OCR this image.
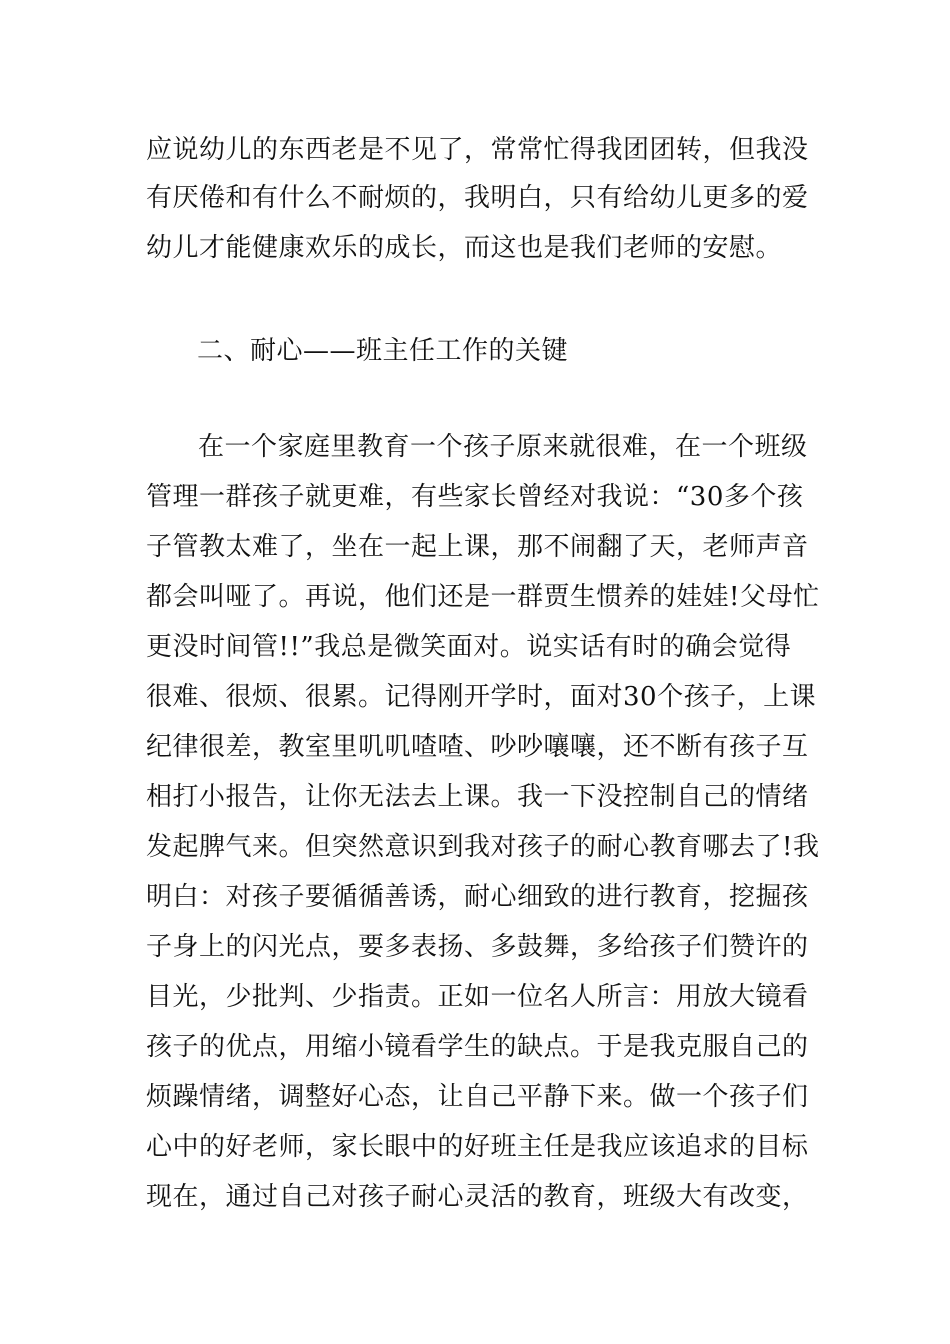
应说幼儿的东西老是不见了，常常忙得我团团转，但我没
有厌倦和有什么不耐烦的，我明白，只有给幼儿更多的爱
幼儿才能健康欢乐的成长，而这也是我们老师的安慰。
二、耐心——班主任工作的关键
在一个家庭里教育一个孩子原来就很难，在一个班级
管理一群孩子就更难，有些家长曾经对我说：“30多个孩
子管教太难了，坐在一起上课，那不闹翻了天，老师声音
都会叫哑了。再说，他们还是一群贾生惯养的娃娃!父母忙
更没时间管!!”我总是微笑面对。说实话有时的确会觉得
很难、很烦、很累。记得刚开学时，面对30个孩子，上课
纪律很差，教室里叽叽喳喳、吵吵嚷嚷，还不断有孩子互
相打小报告，让你无法去上课。我一下没控制自己的情绪
发起脾气来。但突然意识到我对孩子的耐心教育哪去了!我
明白：对孩子要循循善诱，耐心细致的进行教育，挖掘孩
子身上的闪光点，要多表扬、多鼓舞，多给孩子们赞许的
目光，少批判、少指责。正如一位名人所言：用放大镜看
孩子的优点，用缩小镜看学生的缺点。于是我克服自己的
烦躁情绪，调整好心态，让自己平静下来。做一个孩子们
心中的好老师，家长眼中的好班主任是我应该追求的目标
现在，通过自己对孩子耐心灵活的教育，班级大有改变，
